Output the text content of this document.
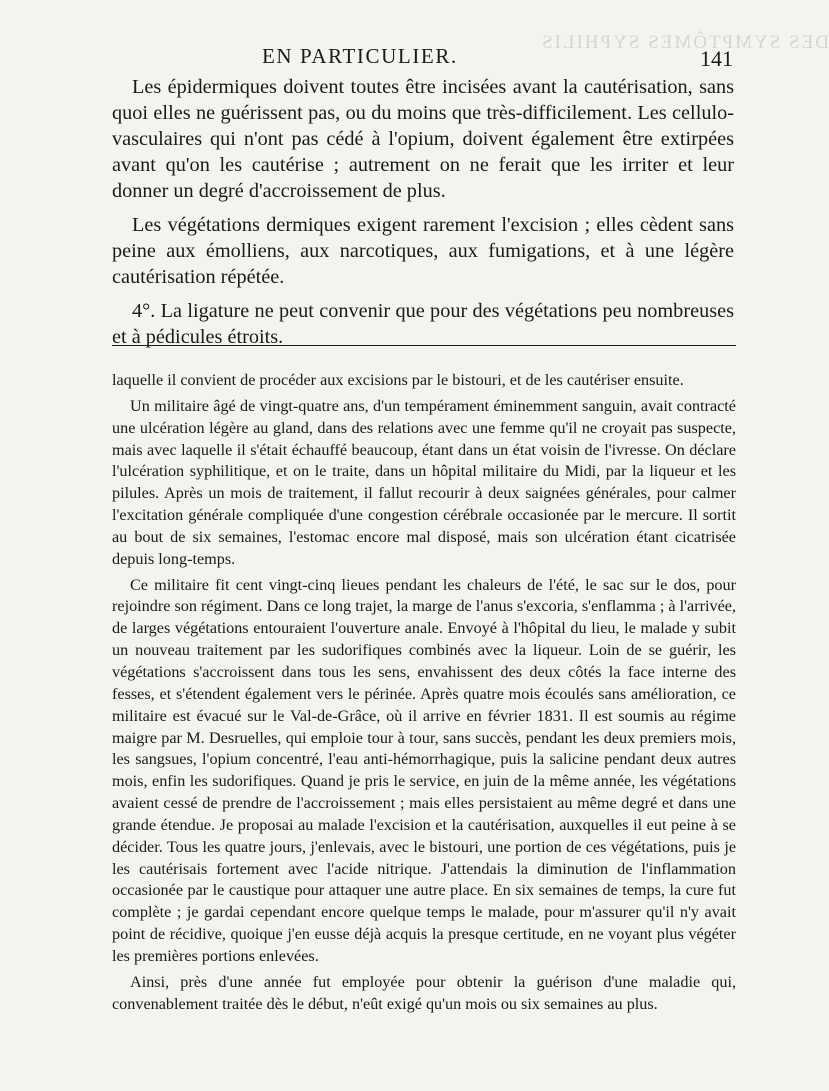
DES SYMPTÔMES SYPHILIS
EN PARTICULIER.	141

Les épidermiques doivent toutes être incisées avant la cautérisation, sans quoi elles ne guérissent pas, ou du moins que très-difficilement. Les cellulo-vasculaires qui n'ont pas cédé à l'opium, doivent également être extirpées avant qu'on les cautérise ; autrement on ne ferait que les irriter et leur donner un degré d'accroissement de plus.

Les végétations dermiques exigent rarement l'excision ; elles cèdent sans peine aux émolliens, aux narcotiques, aux fumigations, et à une légère cautérisation répétée.

4°. La ligature ne peut convenir que pour des végétations peu nombreuses et à pédicules étroits.

laquelle il convient de procéder aux excisions par le bistouri, et de les cautériser ensuite.

Un militaire âgé de vingt-quatre ans, d'un tempérament éminemment sanguin, avait contracté une ulcération légère au gland, dans des relations avec une femme qu'il ne croyait pas suspecte, mais avec laquelle il s'était échauffé beaucoup, étant dans un état voisin de l'ivresse. On déclare l'ulcération syphilitique, et on le traite, dans un hôpital militaire du Midi, par la liqueur et les pilules. Après un mois de traitement, il fallut recourir à deux saignées générales, pour calmer l'excitation générale compliquée d'une congestion cérébrale occasionée par le mercure. Il sortit au bout de six semaines, l'estomac encore mal disposé, mais son ulcération étant cicatrisée depuis long-temps.

Ce militaire fit cent vingt-cinq lieues pendant les chaleurs de l'été, le sac sur le dos, pour rejoindre son régiment. Dans ce long trajet, la marge de l'anus s'excoria, s'enflamma ; à l'arrivée, de larges végétations entouraient l'ouverture anale. Envoyé à l'hôpital du lieu, le malade y subit un nouveau traitement par les sudorifiques combinés avec la liqueur. Loin de se guérir, les végétations s'accroissent dans tous les sens, envahissent des deux côtés la face interne des fesses, et s'étendent également vers le périnée. Après quatre mois écoulés sans amélioration, ce militaire est évacué sur le Val-de-Grâce, où il arrive en février 1831. Il est soumis au régime maigre par M. Desruelles, qui emploie tour à tour, sans succès, pendant les deux premiers mois, les sangsues, l'opium concentré, l'eau anti-hémorrhagique, puis la salicine pendant deux autres mois, enfin les sudorifiques. Quand je pris le service, en juin de la même année, les végétations avaient cessé de prendre de l'accroissement ; mais elles persistaient au même degré et dans une grande étendue. Je proposai au malade l'excision et la cautérisation, auxquelles il eut peine à se décider. Tous les quatre jours, j'enlevais, avec le bistouri, une portion de ces végétations, puis je les cautérisais fortement avec l'acide nitrique. J'attendais la diminution de l'inflammation occasionée par le caustique pour attaquer une autre place. En six semaines de temps, la cure fut complète ; je gardai cependant encore quelque temps le malade, pour m'assurer qu'il n'y avait point de récidive, quoique j'en eusse déjà acquis la presque certitude, en ne voyant plus végéter les premières portions enlevées.

Ainsi, près d'une année fut employée pour obtenir la guérison d'une maladie qui, convenablement traitée dès le début, n'eût exigé qu'un mois ou six semaines au plus.
